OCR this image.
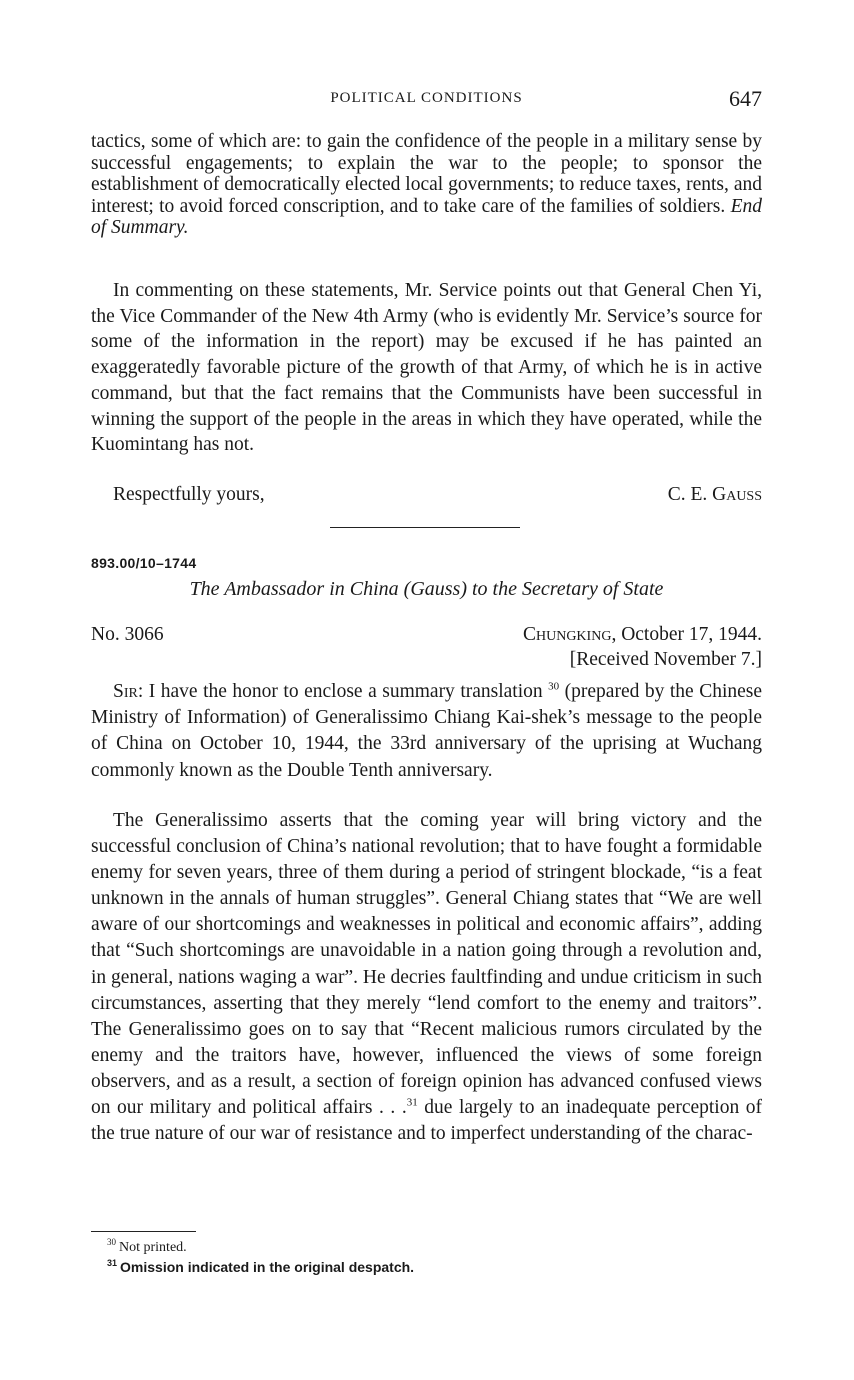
POLITICAL CONDITIONS	647

tactics, some of which are: to gain the confidence of the people in a military sense by successful engagements; to explain the war to the people; to sponsor the establishment of democratically elected local governments; to reduce taxes, rents, and interest; to avoid forced conscription, and to take care of the families of soldiers. End of Summary.

In commenting on these statements, Mr. Service points out that General Chen Yi, the Vice Commander of the New 4th Army (who is evidently Mr. Service’s source for some of the information in the report) may be excused if he has painted an exaggeratedly favorable picture of the growth of that Army, of which he is in active command, but that the fact remains that the Communists have been successful in winning the support of the people in the areas in which they have operated, while the Kuomintang has not.

Respectfully yours,	C. E. Gauss
893.00/10–1744
The Ambassador in China (Gauss) to the Secretary of State
No. 3066	Chungking, October 17, 1944.
[Received November 7.]

Sir: I have the honor to enclose a summary translation $^{30}$ (prepared by the Chinese Ministry of Information) of Generalissimo Chiang Kai-shek’s message to the people of China on October 10, 1944, the 33rd anniversary of the uprising at Wuchang commonly known as the Double Tenth anniversary.

The Generalissimo asserts that the coming year will bring victory and the successful conclusion of China’s national revolution; that to have fought a formidable enemy for seven years, three of them during a period of stringent blockade, “is a feat unknown in the annals of human struggles”. General Chiang states that “We are well aware of our shortcomings and weaknesses in political and economic affairs”, adding that “Such shortcomings are unavoidable in a nation going through a revolution and, in general, nations waging a war”. He decries faultfinding and undue criticism in such circumstances, asserting that they merely “lend comfort to the enemy and traitors”. The Generalissimo goes on to say that “Recent malicious rumors circulated by the enemy and the traitors have, however, influenced the views of some foreign observers, and as a result, a section of foreign opinion has advanced confused views on our military and political affairs . . .$^{31}$ due largely to an inadequate perception of the true nature of our war of resistance and to imperfect understanding of the charac-

$^{30}$ Not printed.
$^{31}$ Omission indicated in the original despatch.
